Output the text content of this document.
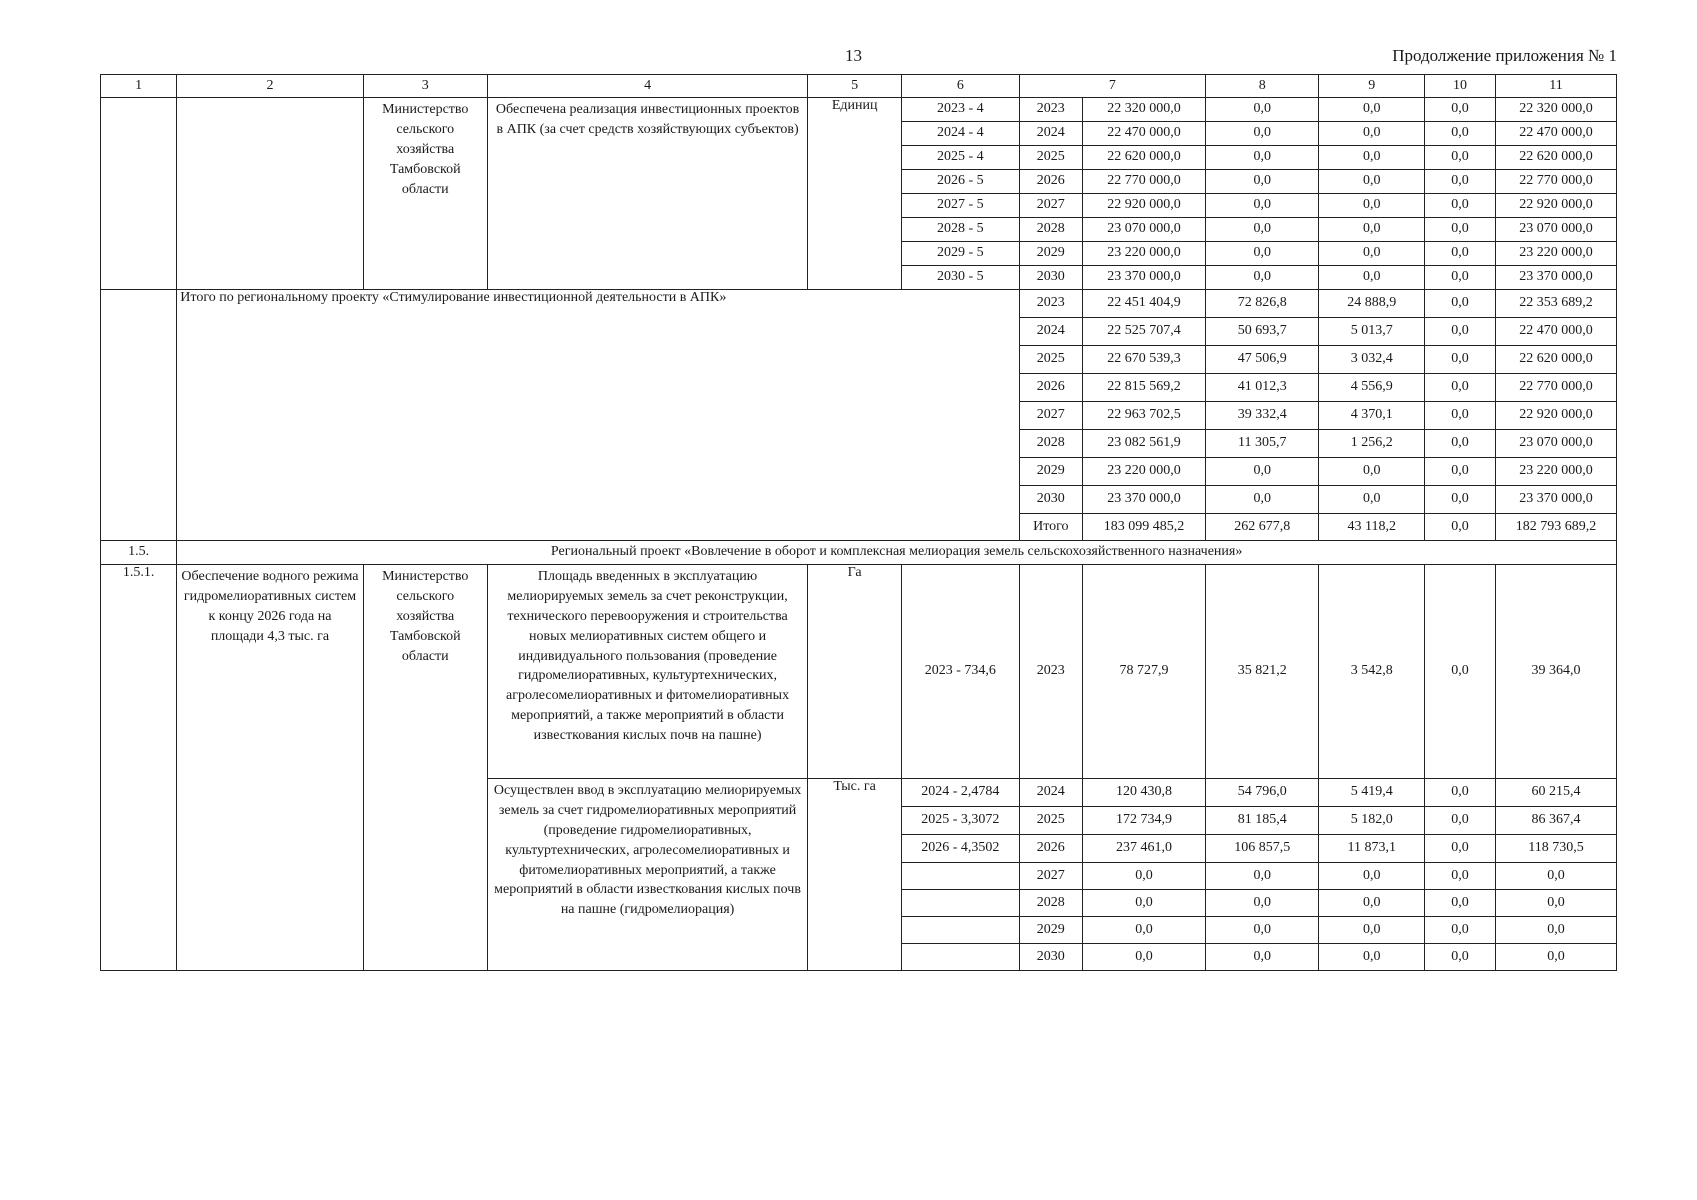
13	Продолжение приложения № 1
1	2	3	4	5	6	7		8	9	10	11
		Министерство сельского хозяйства Тамбовской области	Обеспечена реализация инвестиционных проектов в АПК (за счет средств хозяйствующих субъектов)	Единиц	2023 - 4	2023	22 320 000,0	0,0	0,0	0,0	22 320 000,0
					2024 - 4	2024	22 470 000,0	0,0	0,0	0,0	22 470 000,0
					2025 - 4	2025	22 620 000,0	0,0	0,0	0,0	22 620 000,0
					2026 - 5	2026	22 770 000,0	0,0	0,0	0,0	22 770 000,0
					2027 - 5	2027	22 920 000,0	0,0	0,0	0,0	22 920 000,0
					2028 - 5	2028	23 070 000,0	0,0	0,0	0,0	23 070 000,0
					2029 - 5	2029	23 220 000,0	0,0	0,0	0,0	23 220 000,0
					2030 - 5	2030	23 370 000,0	0,0	0,0	0,0	23 370 000,0
	Итого по региональному проекту «Стимулирование инвестиционной деятельности в АПК»					2023	22 451 404,9	72 826,8	24 888,9	0,0	22 353 689,2
						2024	22 525 707,4	50 693,7	5 013,7	0,0	22 470 000,0
						2025	22 670 539,3	47 506,9	3 032,4	0,0	22 620 000,0
						2026	22 815 569,2	41 012,3	4 556,9	0,0	22 770 000,0
						2027	22 963 702,5	39 332,4	4 370,1	0,0	22 920 000,0
						2028	23 082 561,9	11 305,7	1 256,2	0,0	23 070 000,0
						2029	23 220 000,0	0,0	0,0	0,0	23 220 000,0
						2030	23 370 000,0	0,0	0,0	0,0	23 370 000,0
						Итого	183 099 485,2	262 677,8	43 118,2	0,0	182 793 689,2
1.5.	Региональный проект «Вовлечение в оборот и комплексная мелиорация земель сельскохозяйственного назначения»										
1.5.1.	Обеспечение водного режима гидромелиоративных систем к концу 2026 года на площади 4,3 тыс. га	Министерство сельского хозяйства Тамбовской области	Площадь введенных в эксплуатацию мелиорируемых земель за счет реконструкции, технического перевооружения и строительства новых мелиоративных систем общего и индивидуального пользования (проведение гидромелиоративных, культуртехнических, агролесомелиоративных и фитомелиоративных мероприятий, а также мероприятий в области известкования кислых почв на пашне)	Га	2023 - 734,6	2023	78 727,9	35 821,2	3 542,8	0,0	39 364,0
			Осуществлен ввод в эксплуатацию мелиорируемых земель за счет гидромелиоративных мероприятий (проведение гидромелиоративных, культуртехнических, агролесомелиоративных и фитомелиоративных мероприятий, а также мероприятий в области известкования кислых почв на пашне (гидромелиорация)	Тыс. га	2024 - 2,4784	2024	120 430,8	54 796,0	5 419,4	0,0	60 215,4
					2025 - 3,3072	2025	172 734,9	81 185,4	5 182,0	0,0	86 367,4
					2026 - 4,3502	2026	237 461,0	106 857,5	11 873,1	0,0	118 730,5
						2027	0,0	0,0	0,0	0,0	0,0
						2028	0,0	0,0	0,0	0,0	0,0
						2029	0,0	0,0	0,0	0,0	0,0
						2030	0,0	0,0	0,0	0,0	0,0
